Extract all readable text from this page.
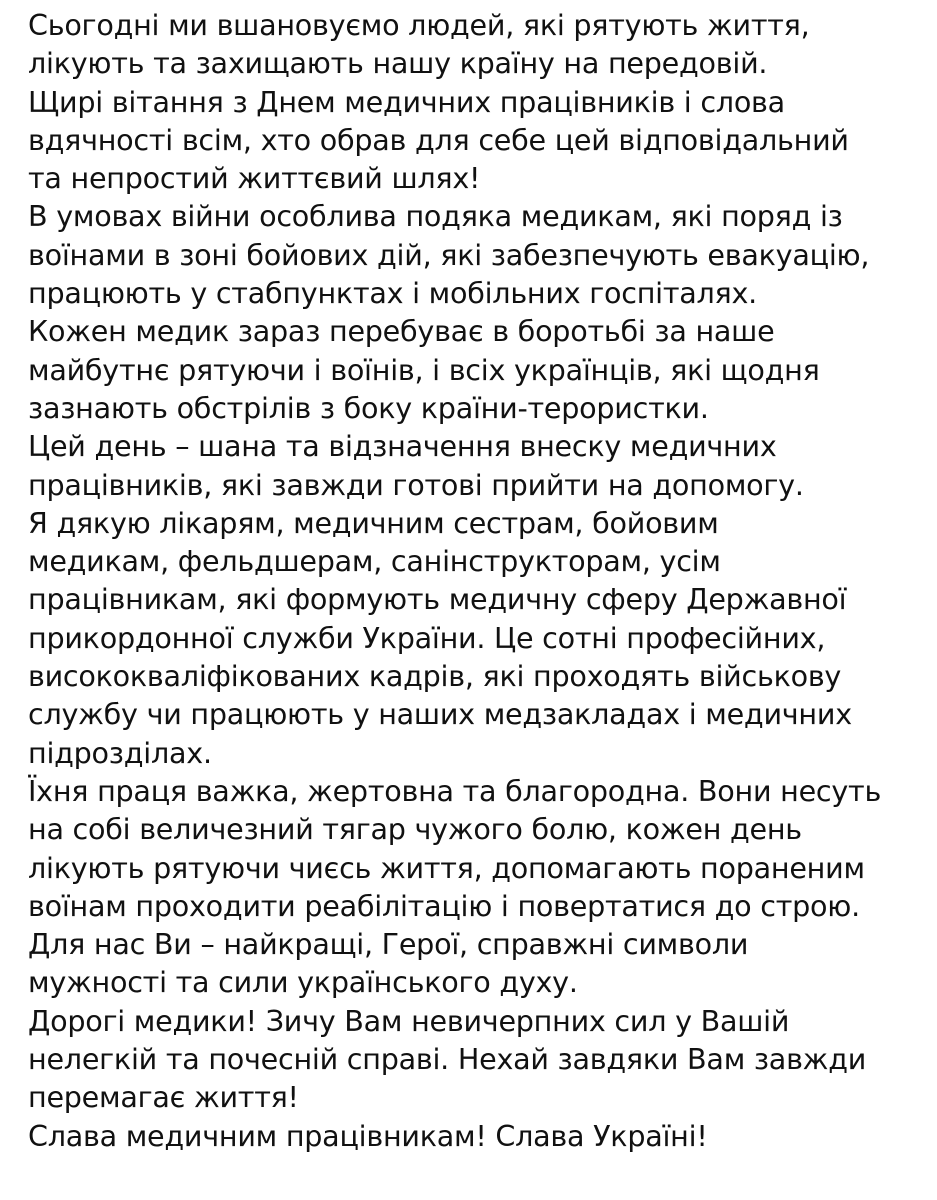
Сьогодні ми вшановуємо людей, які рятують життя,
лікують та захищають нашу країну на передовій.
Щирі вітання з Днем медичних працівників і слова
вдячності всім, хто обрав для себе цей відповідальний
та непростий життєвий шлях!
В умовах війни особлива подяка медикам, які поряд із
воїнами в зоні бойових дій, які забезпечують евакуацію,
працюють у стабпунктах і мобільних госпіталях.
Кожен медик зараз перебуває в боротьбі за наше
майбутнє рятуючи і воїнів, і всіх українців, які щодня
зазнають обстрілів з боку країни-терористки.
Цей день – шана та відзначення внеску медичних
працівників, які завжди готові прийти на допомогу.
Я дякую лікарям, медичним сестрам, бойовим
медикам, фельдшерам, санінструкторам, усім
працівникам, які формують медичну сферу Державної
прикордонної служби України. Це сотні професійних,
висококваліфікованих кадрів, які проходять військову
службу чи працюють у наших медзакладах і медичних
підрозділах.
Їхня праця важка, жертовна та благородна. Вони несуть
на собі величезний тягар чужого болю, кожен день
лікують рятуючи чиєсь життя, допомагають пораненим
воїнам проходити реабілітацію і повертатися до строю.
Для нас Ви – найкращі, Герої, справжні символи
мужності та сили українського духу.
Дорогі медики! Зичу Вам невичерпних сил у Вашій
нелегкій та почесній справі. Нехай завдяки Вам завжди
перемагає життя!
Слава медичним працівникам! Слава Україні!
